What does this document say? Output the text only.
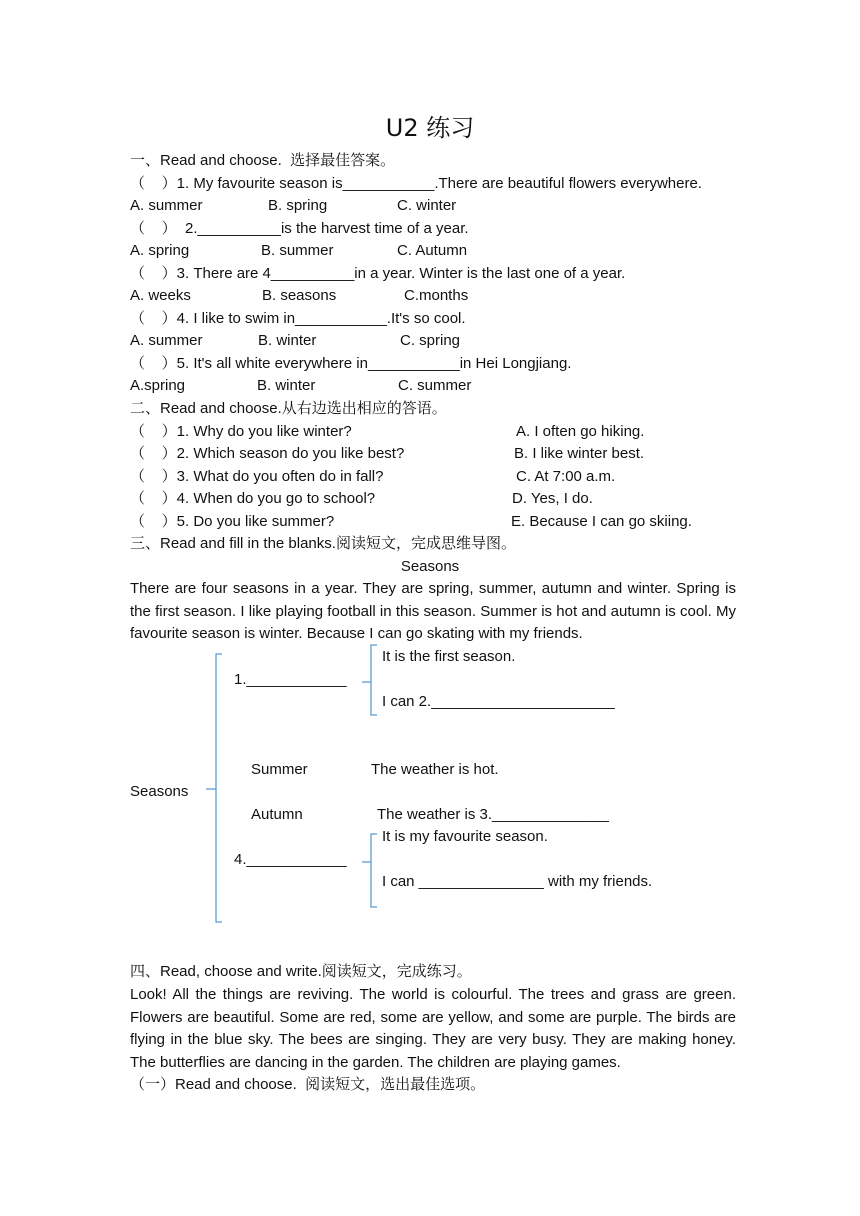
U2 练习
一、Read and choose.  选择最佳答案。
（    ）1. My favourite season is___________.There are beautiful flowers everywhere.
A. summer	B. spring	C. winter
（    ）  2.__________is the harvest time of a year.
A. spring	B. summer	C. Autumn
（    ）3. There are 4__________in a year. Winter is the last one of a year.
A. weeks	B. seasons	C.months
（    ）4. I like to swim in___________.It's so cool.
A. summer	B. winter	C. spring
（    ）5. It's all white everywhere in___________in Hei Longjiang.
A.spring	B. winter	C. summer
二、Read and choose.从右边选出相应的答语。
（    ）1. Why do you like winter?	A. I often go hiking.
（    ）2. Which season do you like best?	B. I like winter best.
（    ）3. What do you often do in fall?	C. At 7:00 a.m.
（    ）4. When do you go to school?	D. Yes, I do.
（    ）5. Do you like summer?	E. Because I can go skiing.
三、Read and fill in the blanks.阅读短文，完成思维导图。
Seasons
There are four seasons in a year. They are spring, summer, autumn and winter. Spring is the first season. I like playing football in this season. Summer is hot and autumn is cool. My favourite season is winter. Because I can go skating with my friends.
Seasons
1.____________
It is the first season.
I can 2.______________________
Summer	The weather is hot.
Autumn	The weather is 3.______________
It is my favourite season.
4.____________
I can _______________ with my friends.
四、Read, choose and write.阅读短文，完成练习。
Look! All the things are reviving. The world is colourful. The trees and grass are green. Flowers are beautiful. Some are red, some are yellow, and some are purple. The birds are flying in the blue sky. The bees are singing. They are very busy. They are making honey. The butterflies are dancing in the garden. The children are playing games.
（一）Read and choose.  阅读短文，选出最佳选项。
